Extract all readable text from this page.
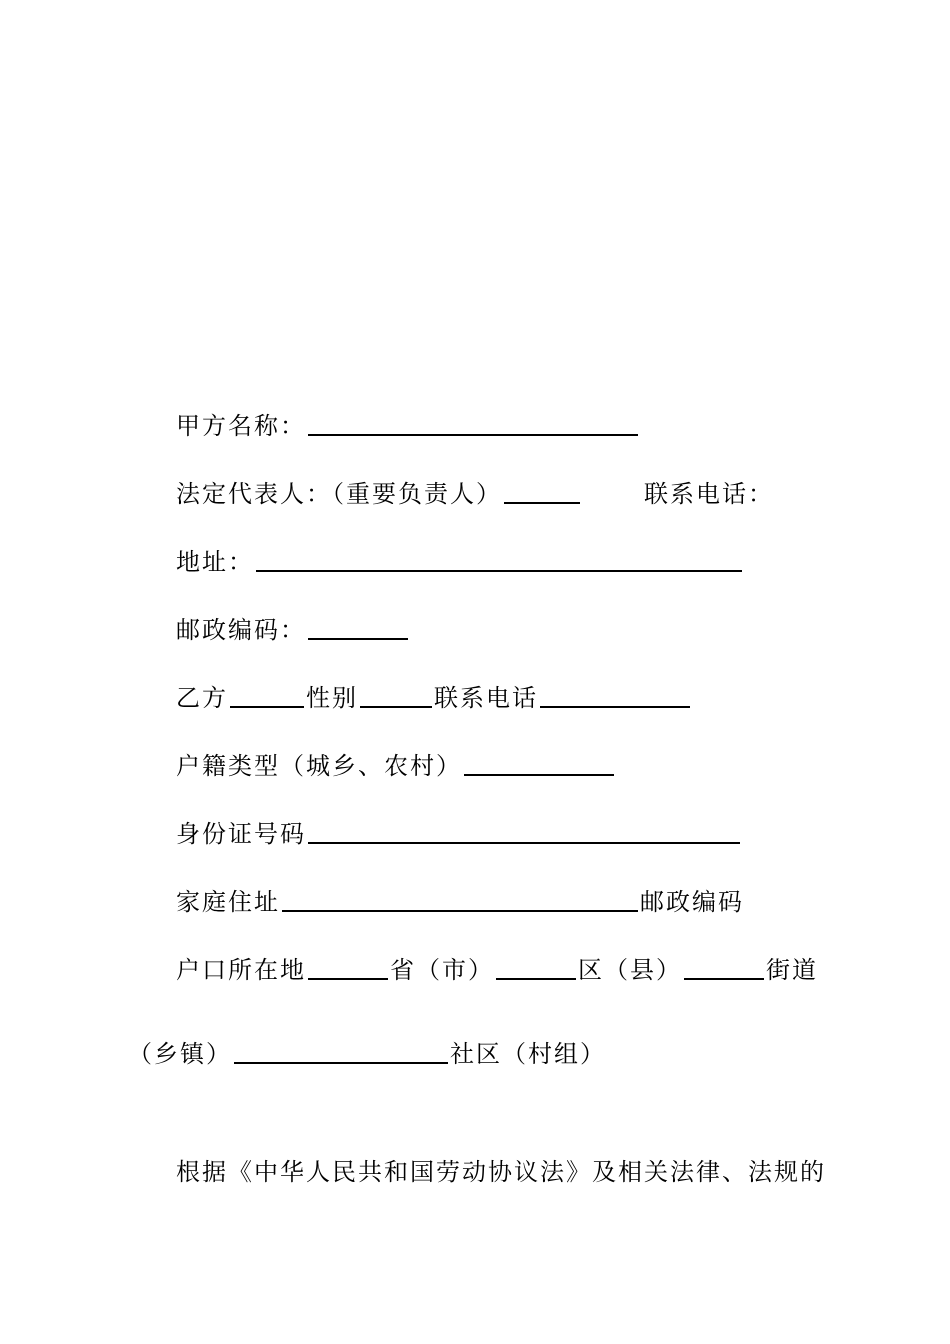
甲方名称：
法定代表人：（重要负责人）	联系电话：
地址：
邮政编码：
乙方	性别	联系电话
户籍类型（城乡、农村）
身份证号码
家庭住址	邮政编码
户口所在地	省（市）	区（县）	街道
（乡镇）	社区（村组）
根据《中华人民共和国劳动协议法》及相关法律、法规的
